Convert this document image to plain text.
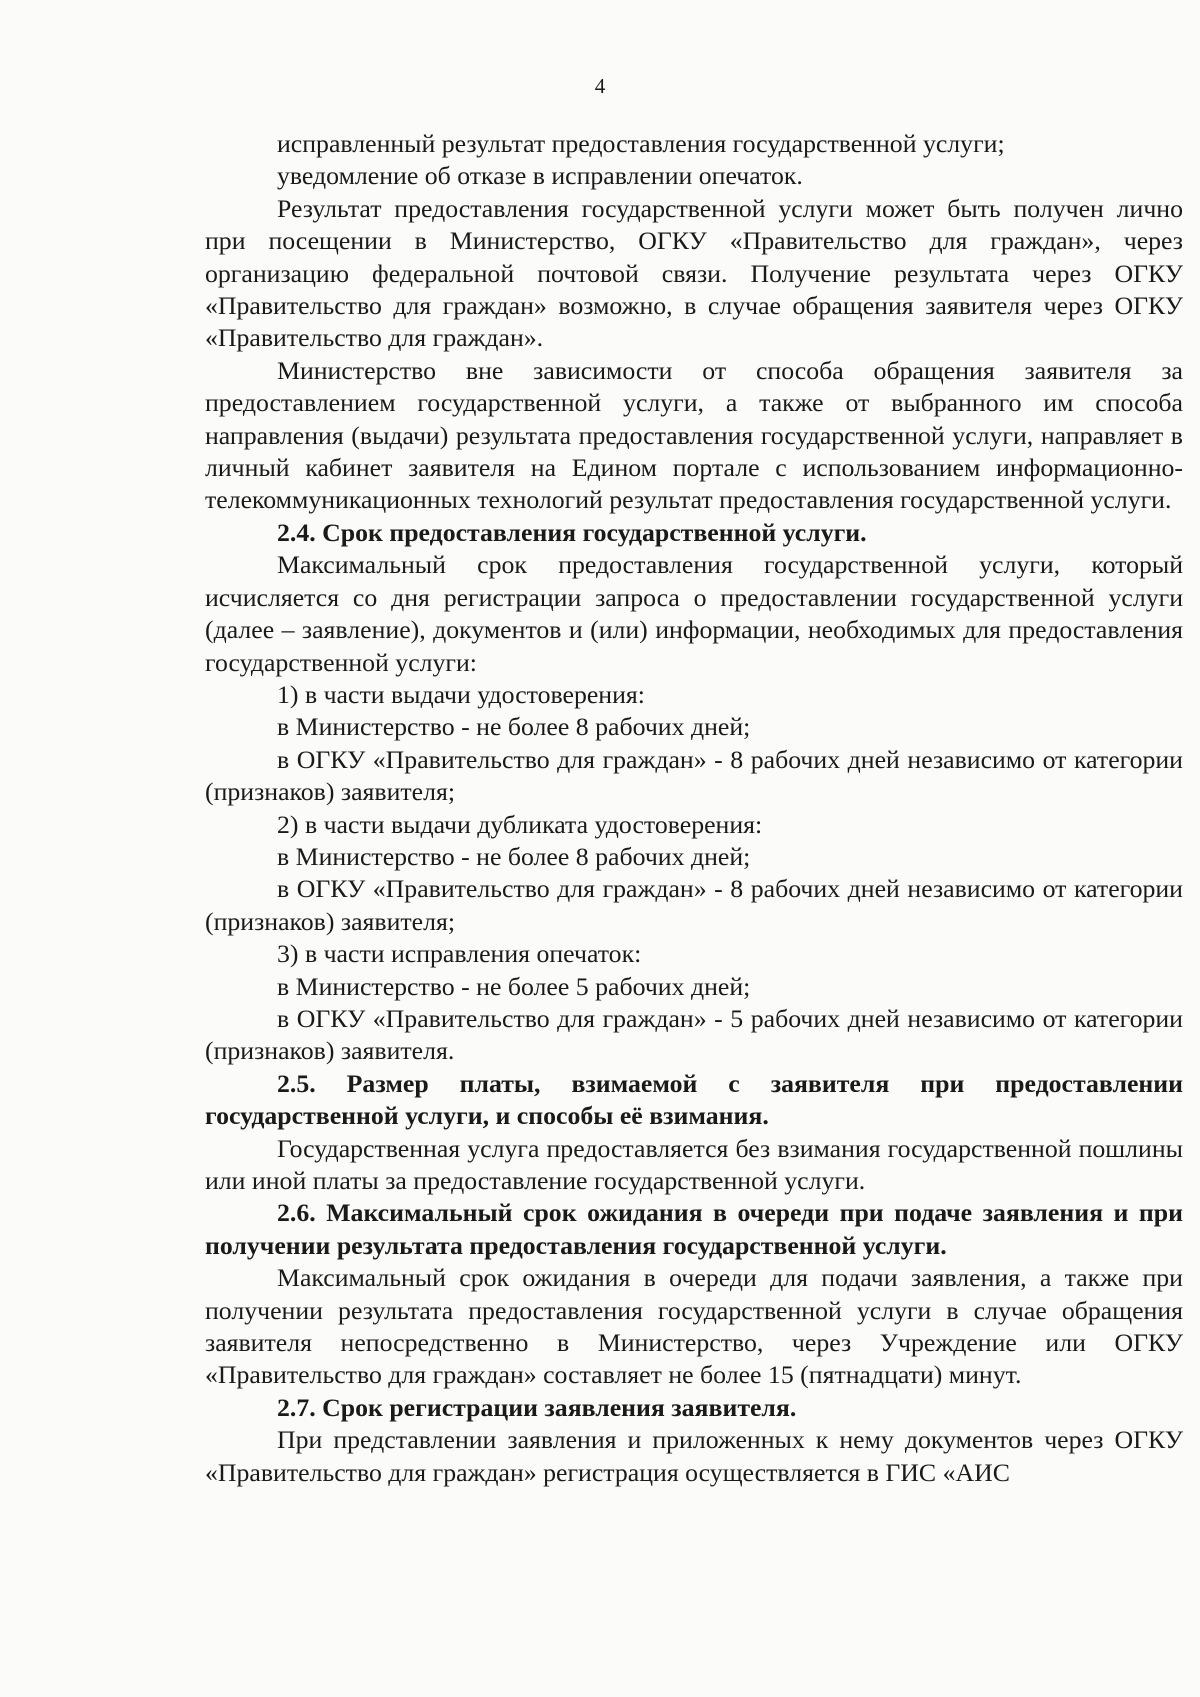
4

исправленный результат предоставления государственной услуги;

уведомление об отказе в исправлении опечаток.

Результат предоставления государственной услуги может быть получен лично при посещении в Министерство, ОГКУ «Правительство для граждан», через организацию федеральной почтовой связи. Получение результата через ОГКУ «Правительство для граждан» возможно, в случае обращения заявителя через ОГКУ «Правительство для граждан».

Министерство вне зависимости от способа обращения заявителя за предоставлением государственной услуги, а также от выбранного им способа направления (выдачи) результата предоставления государственной услуги, направляет в личный кабинет заявителя на Едином портале с использованием информационно-телекоммуникационных технологий результат предоставления государственной услуги.

2.4. Срок предоставления государственной услуги.

Максимальный срок предоставления государственной услуги, который исчисляется со дня регистрации запроса о предоставлении государственной услуги (далее – заявление), документов и (или) информации, необходимых для предоставления государственной услуги:

1) в части выдачи удостоверения:

в Министерство - не более 8 рабочих дней;

в ОГКУ «Правительство для граждан» - 8 рабочих дней независимо от категории (признаков) заявителя;

2) в части выдачи дубликата удостоверения:

в Министерство - не более 8 рабочих дней;

в ОГКУ «Правительство для граждан» - 8 рабочих дней независимо от категории (признаков) заявителя;

3) в части исправления опечаток:

в Министерство - не более 5 рабочих дней;

в ОГКУ «Правительство для граждан» - 5 рабочих дней независимо от категории (признаков) заявителя.

2.5. Размер платы, взимаемой с заявителя при предоставлении государственной услуги, и способы её взимания.

Государственная услуга предоставляется без взимания государственной пошлины или иной платы за предоставление государственной услуги.

2.6. Максимальный срок ожидания в очереди при подаче заявления и при получении результата предоставления государственной услуги.

Максимальный срок ожидания в очереди для подачи заявления, а также при получении результата предоставления государственной услуги в случае обращения заявителя непосредственно в Министерство, через Учреждение или ОГКУ «Правительство для граждан» составляет не более 15 (пятнадцати) минут.

2.7. Срок регистрации заявления заявителя.

При представлении заявления и приложенных к нему документов через ОГКУ «Правительство для граждан» регистрация осуществляется в ГИС «АИС
